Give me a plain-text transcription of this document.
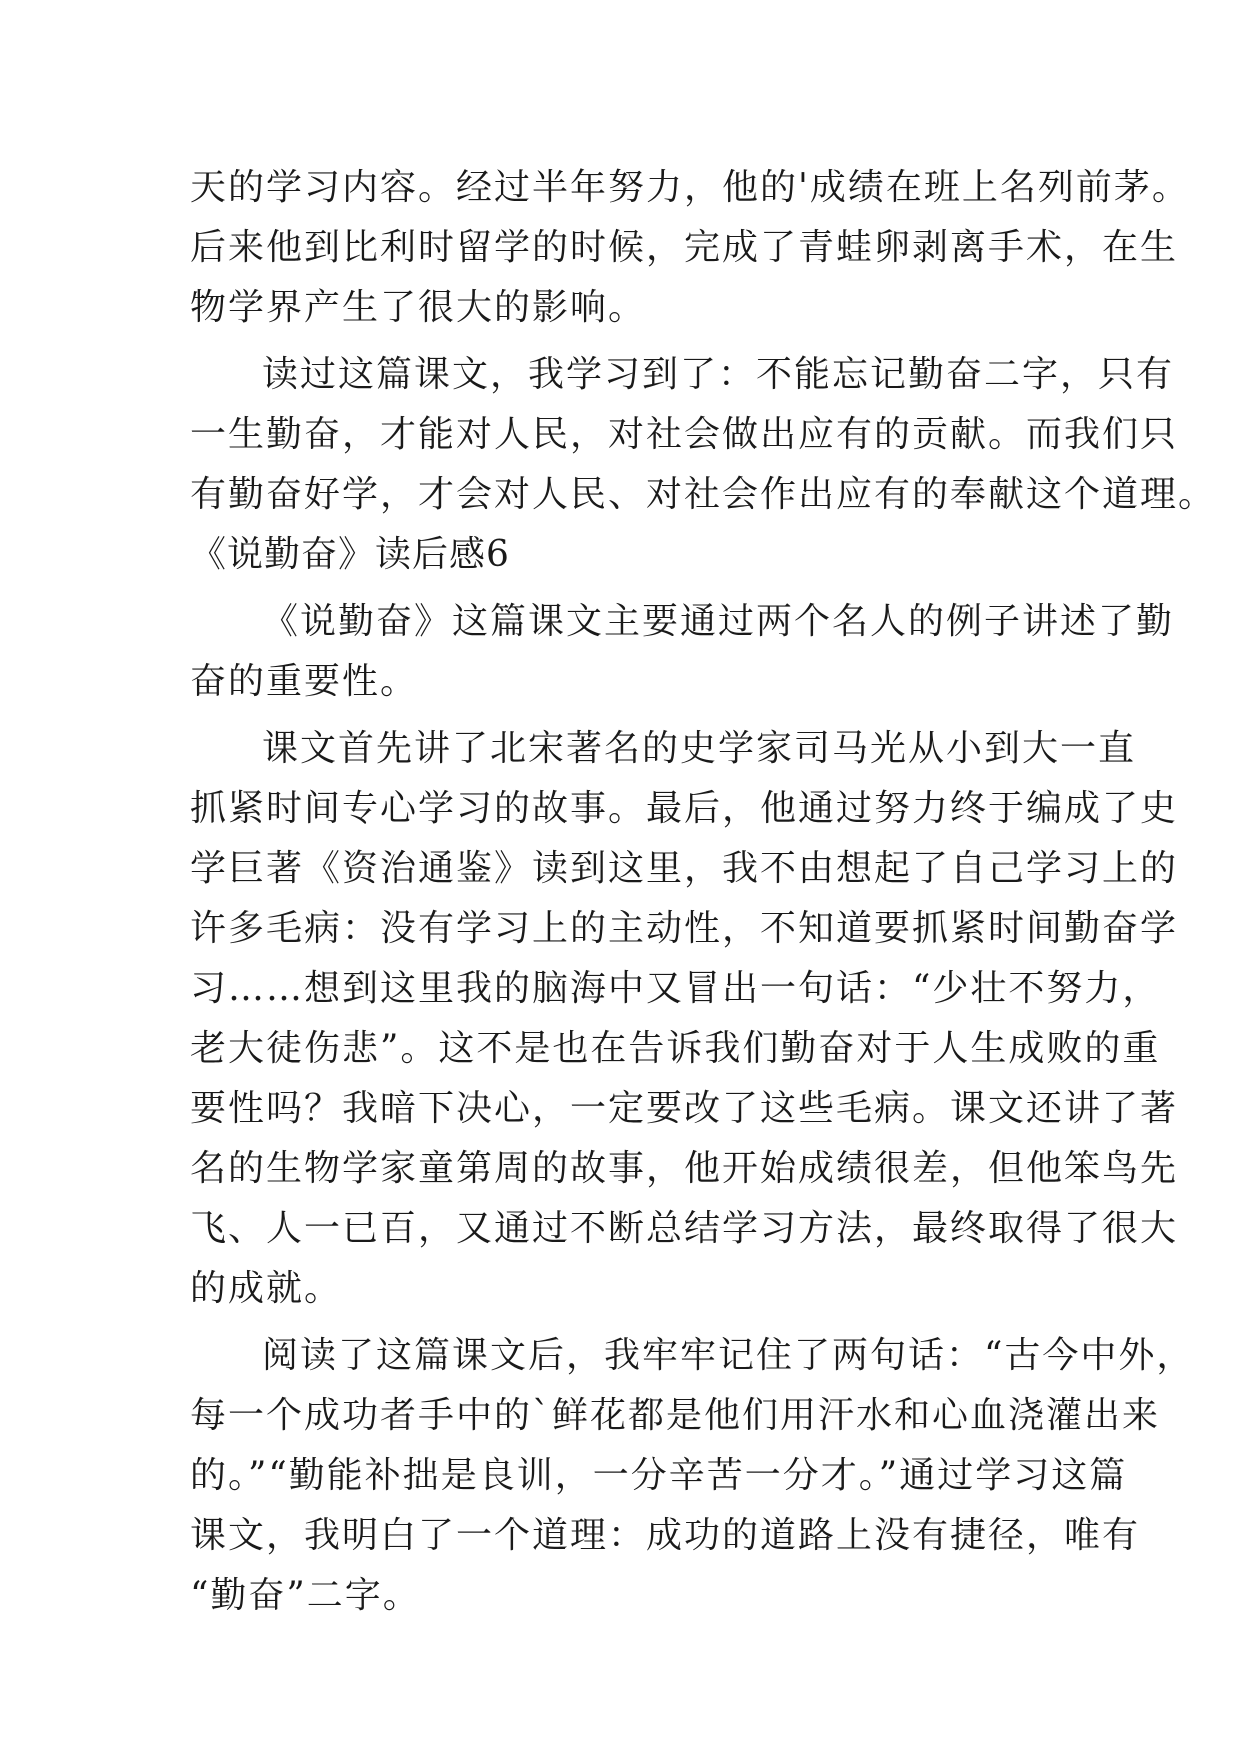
天的学习内容。经过半年努力，他的'成绩在班上名列前茅。
后来他到比利时留学的时候，完成了青蛙卵剥离手术，在生
物学界产生了很大的影响。
读过这篇课文，我学习到了：不能忘记勤奋二字，只有
一生勤奋，才能对人民，对社会做出应有的贡献。而我们只
有勤奋好学，才会对人民、对社会作出应有的奉献这个道理。
《说勤奋》读后感6
《说勤奋》这篇课文主要通过两个名人的例子讲述了勤
奋的重要性。
课文首先讲了北宋著名的史学家司马光从小到大一直
抓紧时间专心学习的故事。最后，他通过努力终于编成了史
学巨著《资治通鉴》读到这里，我不由想起了自己学习上的
许多毛病：没有学习上的主动性，不知道要抓紧时间勤奋学
习……想到这里我的脑海中又冒出一句话：“少壮不努力，
老大徒伤悲”。这不是也在告诉我们勤奋对于人生成败的重
要性吗？我暗下决心，一定要改了这些毛病。课文还讲了著
名的生物学家童第周的故事，他开始成绩很差，但他笨鸟先
飞、人一已百，又通过不断总结学习方法，最终取得了很大
的成就。
阅读了这篇课文后，我牢牢记住了两句话：“古今中外，
每一个成功者手中的`鲜花都是他们用汗水和心血浇灌出来
的。”“勤能补拙是良训，一分辛苦一分才。”通过学习这篇
课文，我明白了一个道理：成功的道路上没有捷径，唯有
“勤奋”二字。
